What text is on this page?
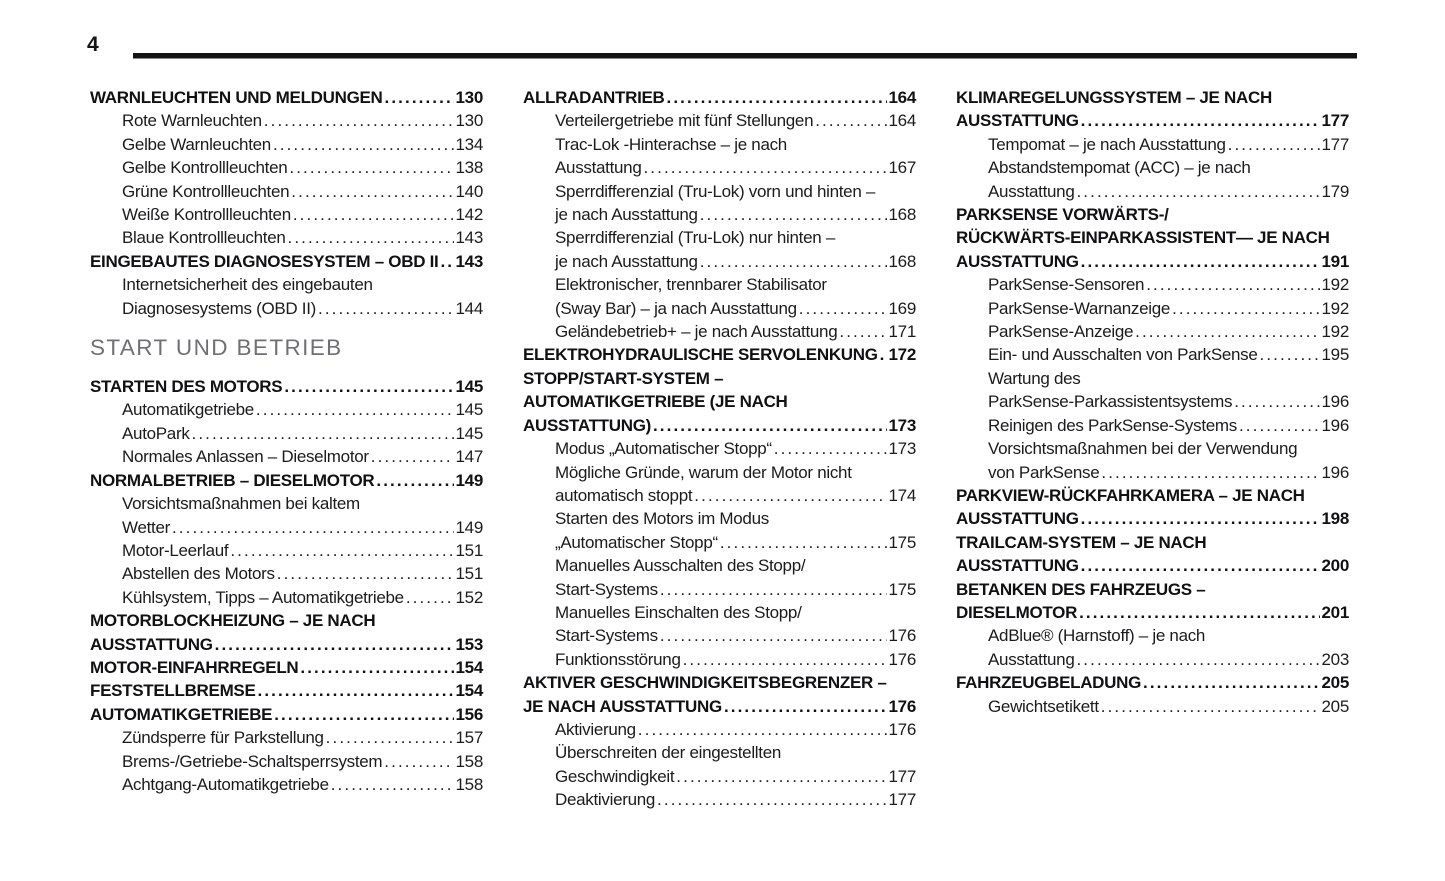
4
WARNLEUCHTEN UND MELDUNGEN .....	130
Rote Warnleuchten .....	130
Gelbe Warnleuchten .....	134
Gelbe Kontrollleuchten .....	138
Grüne Kontrollleuchten .....	140
Weiße Kontrollleuchten .....	142
Blaue Kontrollleuchten .....	143
EINGEBAUTES DIAGNOSESYSTEM – OBD II ..... 143
Internetsicherheit des eingebauten
Diagnosesystems (OBD II) .....	144
START UND BETRIEB
STARTEN DES MOTORS .....	145
Automatikgetriebe .....	145
AutoPark .....	145
Normales Anlassen – Dieselmotor .....	147
NORMALBETRIEB – DIESELMOTOR .....	149
Vorsichtsmaßnahmen bei kaltem
Wetter .....	149
Motor-Leerlauf .....	151
Abstellen des Motors .....	151
Kühlsystem, Tipps – Automatikgetriebe .....	152
MOTORBLOCKHEIZUNG – JE NACH
AUSSTATTUNG .....	153
MOTOR-EINFAHRREGELN .....	154
FESTSTELLBREMSE .....	154
AUTOMATIKGETRIEBE .....	156
Zündsperre für Parkstellung .....	157
Brems-/Getriebe-Schaltsperrsystem .....	158
Achtgang-Automatikgetriebe .....	158
ALLRADANTRIEB .....	164
Verteilergetriebe mit fünf Stellungen .....	164
Trac-Lok -Hinterachse – je nach
Ausstattung .....	167
Sperrdifferenzial (Tru-Lok) vorn und hinten –
je nach Ausstattung .....	168
Sperrdifferenzial (Tru-Lok) nur hinten –
je nach Ausstattung .....	168
Elektronischer, trennbarer Stabilisator
(Sway Bar) – ja nach Ausstattung .....	169
Geländebetrieb+ – je nach Ausstattung .....	171
ELEKTROHYDRAULISCHE SERVOLENKUNG ..... 172
STOPP/START-SYSTEM –
AUTOMATIKGETRIEBE (JE NACH
AUSSTATTUNG) .....	173
Modus „Automatischer Stopp“ .....	173
Mögliche Gründe, warum der Motor nicht
automatisch stoppt .....	174
Starten des Motors im Modus
„Automatischer Stopp“ .....	175
Manuelles Ausschalten des Stopp/
Start-Systems .....	175
Manuelles Einschalten des Stopp/
Start-Systems .....	176
Funktionsstörung .....	176
AKTIVER GESCHWINDIGKEITSBEGRENZER –
JE NACH AUSSTATTUNG .....	176
Aktivierung .....	176
Überschreiten der eingestellten
Geschwindigkeit .....	177
Deaktivierung .....	177
KLIMAREGELUNGSSYSTEM – JE NACH
AUSSTATTUNG .....	177
Tempomat – je nach Ausstattung .....	177
Abstandstempomat (ACC) – je nach
Ausstattung .....	179
PARKSENSE VORWÄRTS-/
RÜCKWÄRTS-EINPARKASSISTENT— JE NACH
AUSSTATTUNG .....	191
ParkSense-Sensoren .....	192
ParkSense-Warnanzeige .....	192
ParkSense-Anzeige .....	192
Ein- und Ausschalten von ParkSense .....	195
Wartung des
ParkSense-Parkassistentsystems .....	196
Reinigen des ParkSense-Systems .....	196
Vorsichtsmaßnahmen bei der Verwendung
von ParkSense .....	196
PARKVIEW-RÜCKFAHRKAMERA – JE NACH
AUSSTATTUNG .....	198
TRAILCAM-SYSTEM – JE NACH
AUSSTATTUNG .....	200
BETANKEN DES FAHRZEUGS –
DIESELMOTOR .....	201
AdBlue® (Harnstoff) – je nach
Ausstattung .....	203
FAHRZEUGBELADUNG .....	205
Gewichtsetikett .....	205
